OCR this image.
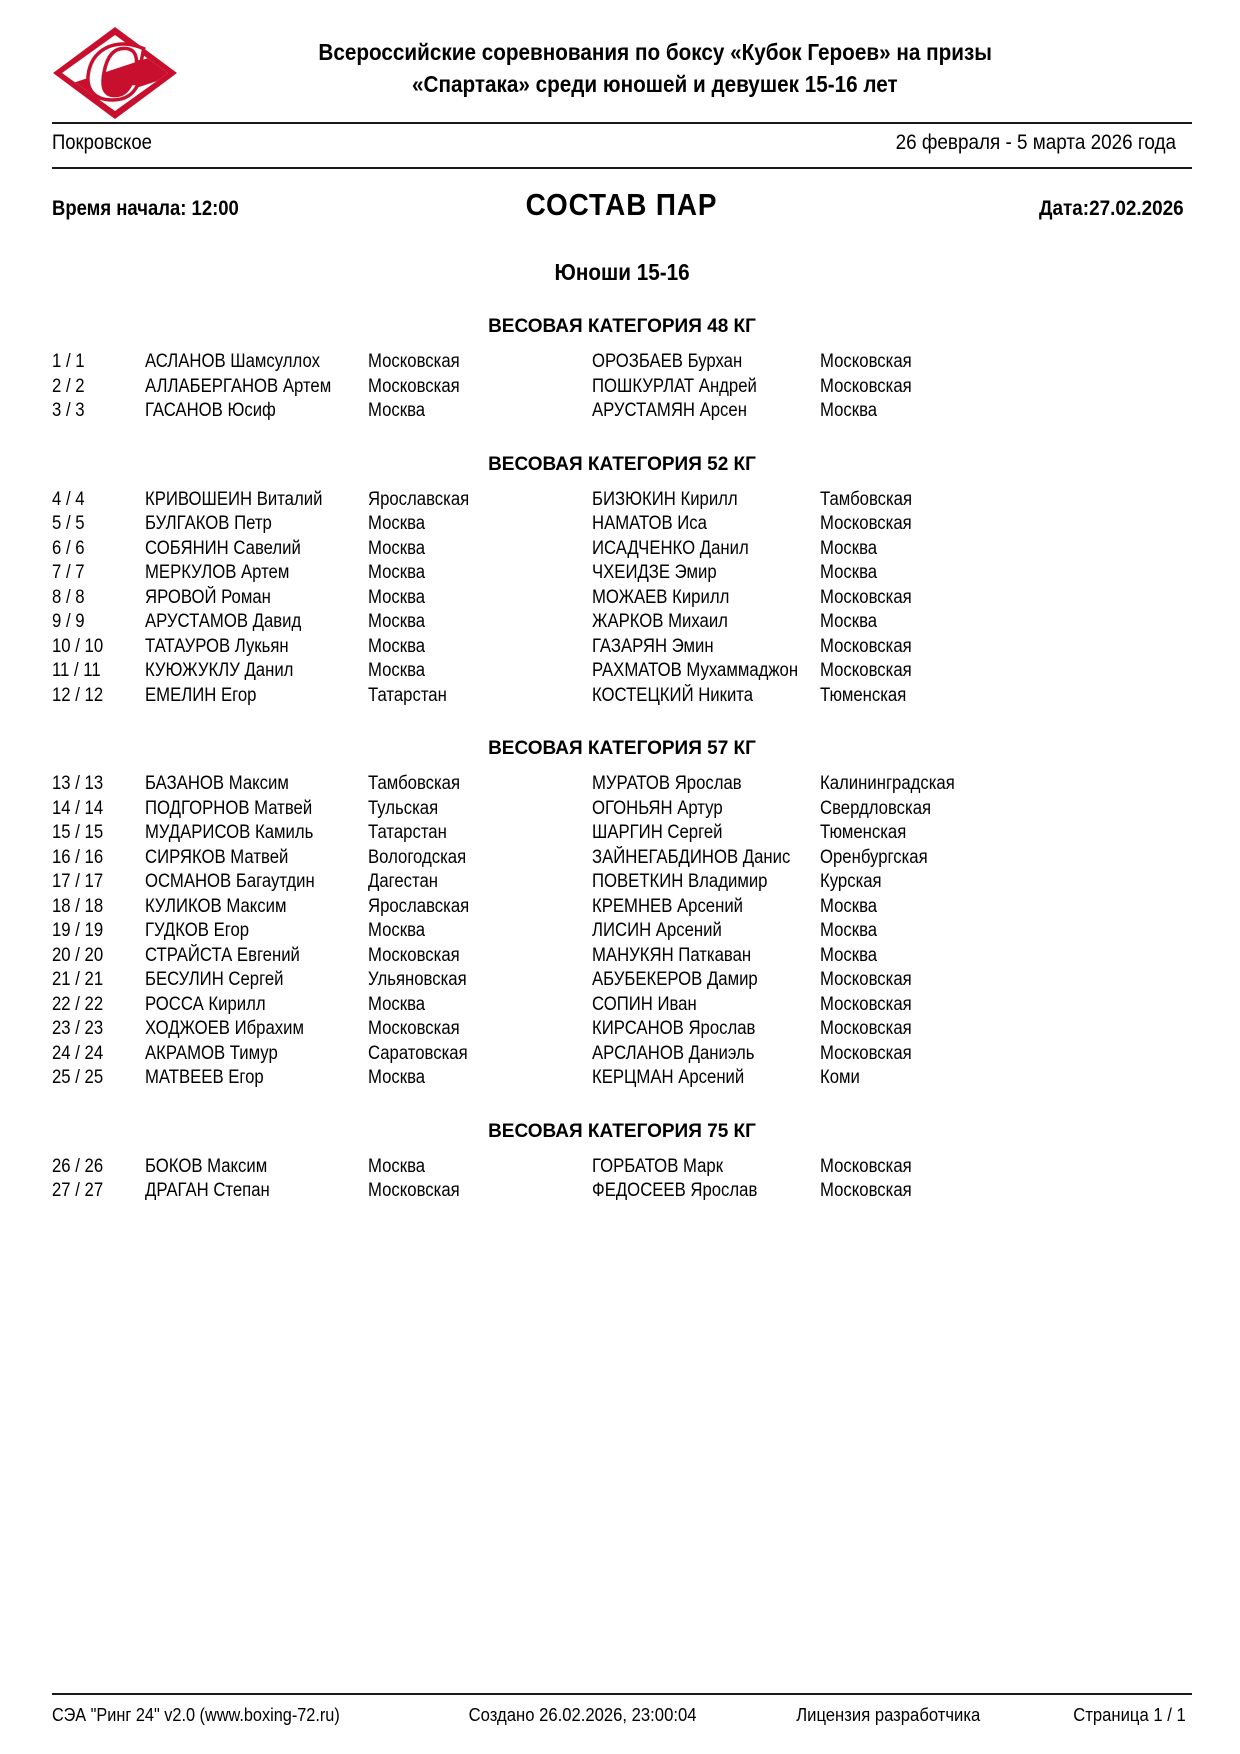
C	Всероссийские соревнования по боксу «Кубок Героев» на призы
«Спартака» среди юношей и девушек 15-16 лет
Покровское	26 февраля - 5 марта 2026 года
Время начала: 12:00	СОСТАВ ПАР	Дата:27.02.2026
Юноши 15-16
ВЕСОВАЯ КАТЕГОРИЯ 48 КГ
1 / 1	АСЛАНОВ Шамсуллох	Московская	ОРОЗБАЕВ Бурхан	Московская
2 / 2	АЛЛАБЕРГАНОВ Артем	Московская	ПОШКУРЛАТ Андрей	Московская
3 / 3	ГАСАНОВ Юсиф	Москва	АРУСТАМЯН Арсен	Москва
ВЕСОВАЯ КАТЕГОРИЯ 52 КГ
4 / 4	КРИВОШЕИН Виталий	Ярославская	БИЗЮКИН Кирилл	Тамбовская
5 / 5	БУЛГАКОВ Петр	Москва	НАМАТОВ Иса	Московская
6 / 6	СОБЯНИН Савелий	Москва	ИСАДЧЕНКО Данил	Москва
7 / 7	МЕРКУЛОВ Артем	Москва	ЧХЕИДЗЕ Эмир	Москва
8 / 8	ЯРОВОЙ Роман	Москва	МОЖАЕВ Кирилл	Московская
9 / 9	АРУСТАМОВ Давид	Москва	ЖАРКОВ Михаил	Москва
10 / 10	ТАТАУРОВ Лукьян	Москва	ГАЗАРЯН Эмин	Московская
11 / 11	КУЮЖУКЛУ Данил	Москва	РАХМАТОВ Мухаммаджон	Московская
12 / 12	ЕМЕЛИН Егор	Татарстан	КОСТЕЦКИЙ Никита	Тюменская
ВЕСОВАЯ КАТЕГОРИЯ 57 КГ
13 / 13	БАЗАНОВ Максим	Тамбовская	МУРАТОВ Ярослав	Калининградская
14 / 14	ПОДГОРНОВ Матвей	Тульская	ОГОНЬЯН Артур	Свердловская
15 / 15	МУДАРИСОВ Камиль	Татарстан	ШАРГИН Сергей	Тюменская
16 / 16	СИРЯКОВ Матвей	Вологодская	ЗАЙНЕГАБДИНОВ Данис	Оренбургская
17 / 17	ОСМАНОВ Багаутдин	Дагестан	ПОВЕТКИН Владимир	Курская
18 / 18	КУЛИКОВ Максим	Ярославская	КРЕМНЕВ Арсений	Москва
19 / 19	ГУДКОВ Егор	Москва	ЛИСИН Арсений	Москва
20 / 20	СТРАЙСТА Евгений	Московская	МАНУКЯН Паткаван	Москва
21 / 21	БЕСУЛИН Сергей	Ульяновская	АБУБЕКЕРОВ Дамир	Московская
22 / 22	РОССА Кирилл	Москва	СОПИН Иван	Московская
23 / 23	ХОДЖОЕВ Ибрахим	Московская	КИРСАНОВ Ярослав	Московская
24 / 24	АКРАМОВ Тимур	Саратовская	АРСЛАНОВ Даниэль	Московская
25 / 25	МАТВЕЕВ Егор	Москва	КЕРЦМАН Арсений	Коми
ВЕСОВАЯ КАТЕГОРИЯ 75 КГ
26 / 26	БОКОВ Максим	Москва	ГОРБАТОВ Марк	Московская
27 / 27	ДРАГАН Степан	Московская	ФЕДОСЕЕВ Ярослав	Московская
СЭА "Ринг 24" v2.0 (www.boxing-72.ru)	Создано 26.02.2026, 23:00:04	Лицензия разработчика	Страница 1 / 1
